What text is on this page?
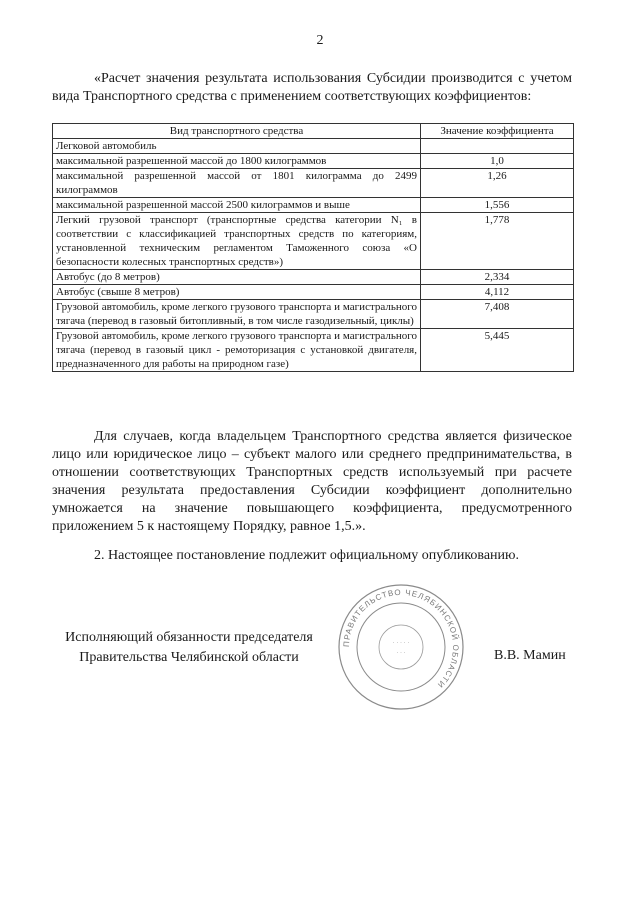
2
«Расчет значения результата использования Субсидии производится с учетом вида Транспортного средства с применением соответствующих коэффициентов:
Вид транспортного средства	Значение коэффициента
Легковой автомобиль	
максимальной разрешенной массой до 1800 килограммов	1,0
максимальной разрешенной массой от 1801 килограмма до 2499 килограммов	1,26
максимальной разрешенной массой 2500 килограммов и выше	1,556
Легкий грузовой транспорт (транспортные средства категории N₁ в соответствии с классификацией транспортных средств по категориям, установленной техническим регламентом Таможенного союза «О безопасности колесных транспортных средств»)	1,778
Автобус (до 8 метров)	2,334
Автобус (свыше 8 метров)	4,112
Грузовой автомобиль, кроме легкого грузового транспорта и магистрального тягача (перевод в газовый битопливный, в том числе газодизельный, циклы)	7,408
Грузовой автомобиль, кроме легкого грузового транспорта и магистрального тягача (перевод в газовый цикл - ремоторизация с установкой двигателя, предназначенного для работы на природном газе)	5,445
Для случаев, когда владельцем Транспортного средства является физическое лицо или юридическое лицо – субъект малого или среднего предпринимательства, в отношении соответствующих Транспортных средств используемый при расчете значения результата предоставления Субсидии коэффициент дополнительно умножается на значение повышающего коэффициента, предусмотренного приложением 5 к настоящему Порядку, равное 1,5.».
2. Настоящее постановление подлежит официальному опубликованию.
ПРАВИТЕЛЬСТВО ЧЕЛЯБИНСКОЙ ОБЛАСТИ
· · · · ·
· · ·
Исполняющий обязанности председателя
Правительства Челябинской области	В.В. Мамин
